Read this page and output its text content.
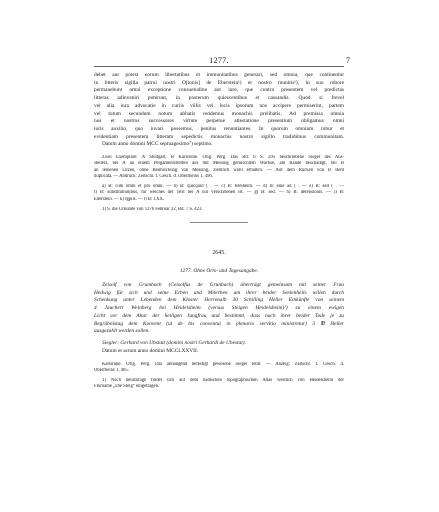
1277.	7
debet aut potest eorum libertatibus et immunitatibus generari, sed omnia, que continentur
in litteris sigilla patrui nostri O[tonis] de Eberstein¹) et nostro munitis¹), in suo robore
permanebunt omni exceptione consuetudine aut iure, que contra presentem vel predictas
litteras adinveniri poterunt, in posterum quiescentibus et cassandis. Quod si frevel
vel alia iura advocatie in curiis villis vel locis ipsorum nos accipere permiserint, partem
vel totum secundum notum abbatis reddemus monachis prelibatis. Ad premissa omnia
nos et nostros successores virtute perpetue attestatione presentium obligamus omni
iuris auxilio, quo iuvari possemus, penitus renuntiantes. In quorum omnium robur et
evidentiam presentem litteram sepedictis monachis nostro sigillo tradidimus communitam.
Datum anno domini MCC septuagesimo⁷) septimo.
Zwei Exemplare: A Stuttgart, B Karlsruhe. Orig. Perg. Das Bd. 6 S. 295 beschriebene Siegel des Aus-
stellers, bei A an einem Pergamentstreifen aus mit Messing gemischtem Wachse, am Rande beschädigt, bei B
an leinenen Litzen, ohne Beimischung von Messing, ziemlich wohl erhalten. — Auf dem Rücken von B steht
duplicata. — Abdruck: Zeitschr. f. Gesch. d. Oberrheins 1, 496.
a) B: cum omni et pro omni. — b) B: quicquid ( . — c) B: Breiheim. — d) B: eine ad ( . — e) B: sed ( . —
f) B: substitutionibus, für welches der Text bei A nur verschrieben ist. — g) B: sed. — h) B: defensionis. — i) B:
Eberstein. — k) rgpils. — l) B: I.XX.
1) S. die Urkunde von 1276 Februar 22, Bd. 7 S. 423.
2645.
1277. Ohne Orts- und Tagesangabe.
Zeisolf von Grumbach (Ceisolfus de Grunbach) überträgt gemeinsam mit seiner Frau
Hedwig für sich und seine Erben und Miterben um ihrer beider Seelenheils willen durch
Schenkung unter Lebenden dem Kloster Herrenalb 30 Schilling Heller Einkünfte von seinem
4 Jauchert Weinberg bei Heidelsheim (versus Steigen Heidelsheim)¹) zu einem ewigen
Licht vor dem Altar der heiligen Jungfrau und bestimmt, dass nach ihrer beider Tode je zu
Begräbnistag dem Konvent (ut de bis conventui in plenario servitio ministretur) 3 ℔ Heller
ausgezahlt werden sollen.
Siegler: Gerhard von Ubstatt (domini nostri Gerhardi de Ubestat).
Datum et actum anno domini MCCLXXVII.
Karlsruhe. Orig. Perg. Das abhangend befestigt gewesene Siegel fehlt. — Anzeig: Zeitschr. f. Gesch. d.
Oberrheins 1, 405.
1) Noch heutzutage findet sich auf dem badischen topographischen Atlas westlich von Heidelsheim der
Flurname „Die Steig“ eingetragen.
